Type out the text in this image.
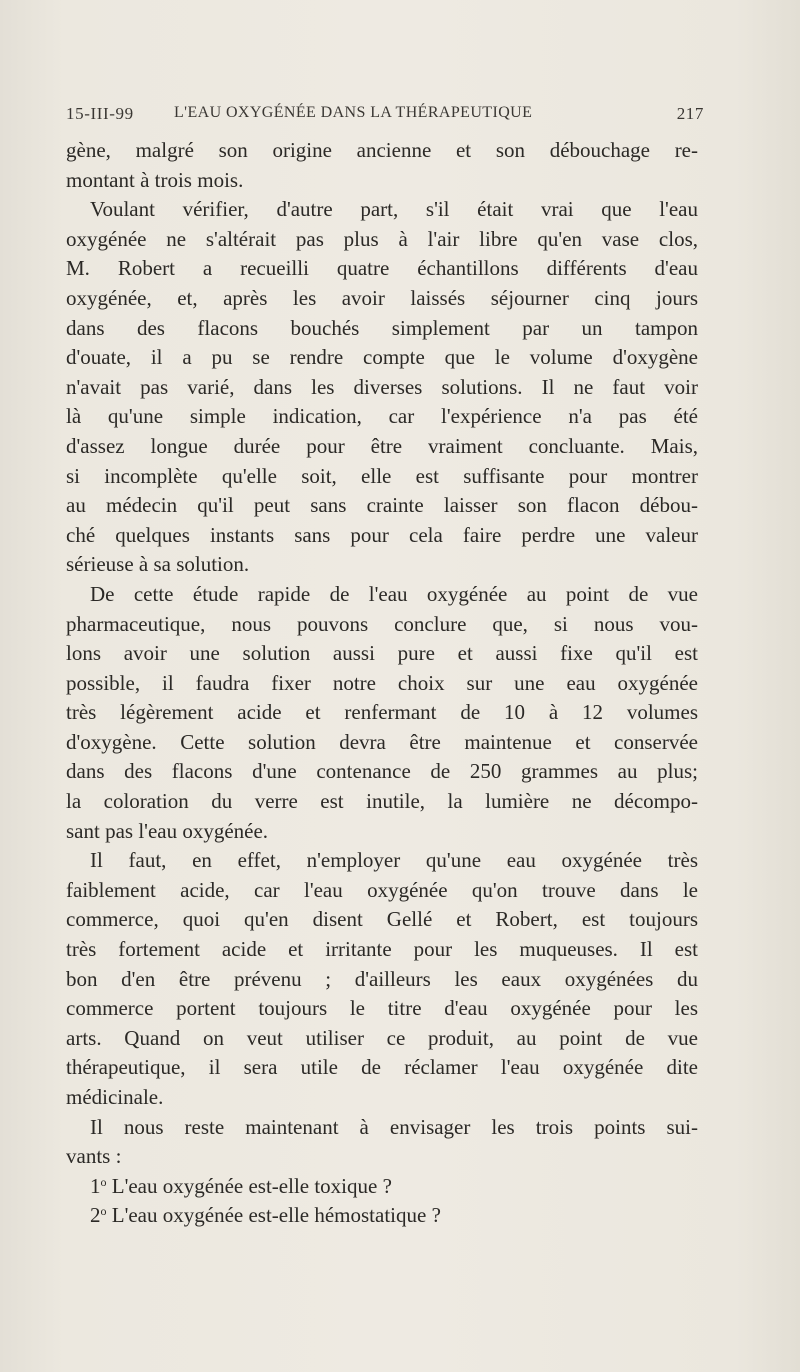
15-III-99	L'EAU OXYGÉNÉE DANS LA THÉRAPEUTIQUE	217
gène, malgré son origine ancienne et son débouchage re-
montant à trois mois.
Voulant vérifier, d'autre part, s'il était vrai que l'eau
oxygénée ne s'altérait pas plus à l'air libre qu'en vase clos,
M. Robert a recueilli quatre échantillons différents d'eau
oxygénée, et, après les avoir laissés séjourner cinq jours
dans des flacons bouchés simplement par un tampon
d'ouate, il a pu se rendre compte que le volume d'oxygène
n'avait pas varié, dans les diverses solutions. Il ne faut voir
là qu'une simple indication, car l'expérience n'a pas été
d'assez longue durée pour être vraiment concluante. Mais,
si incomplète qu'elle soit, elle est suffisante pour montrer
au médecin qu'il peut sans crainte laisser son flacon débou-
ché quelques instants sans pour cela faire perdre une valeur
sérieuse à sa solution.
De cette étude rapide de l'eau oxygénée au point de vue
pharmaceutique, nous pouvons conclure que, si nous vou-
lons avoir une solution aussi pure et aussi fixe qu'il est
possible, il faudra fixer notre choix sur une eau oxygénée
très légèrement acide et renfermant de 10 à 12 volumes
d'oxygène. Cette solution devra être maintenue et conservée
dans des flacons d'une contenance de 250 grammes au plus;
la coloration du verre est inutile, la lumière ne décompo-
sant pas l'eau oxygénée.
Il faut, en effet, n'employer qu'une eau oxygénée très
faiblement acide, car l'eau oxygénée qu'on trouve dans le
commerce, quoi qu'en disent Gellé et Robert, est toujours
très fortement acide et irritante pour les muqueuses. Il est
bon d'en être prévenu ; d'ailleurs les eaux oxygénées du
commerce portent toujours le titre d'eau oxygénée pour les
arts. Quand on veut utiliser ce produit, au point de vue
thérapeutique, il sera utile de réclamer l'eau oxygénée dite
médicinale.
Il nous reste maintenant à envisager les trois points sui-
vants :
1$^o$ L'eau oxygénée est-elle toxique ?
2$^o$ L'eau oxygénée est-elle hémostatique ?
